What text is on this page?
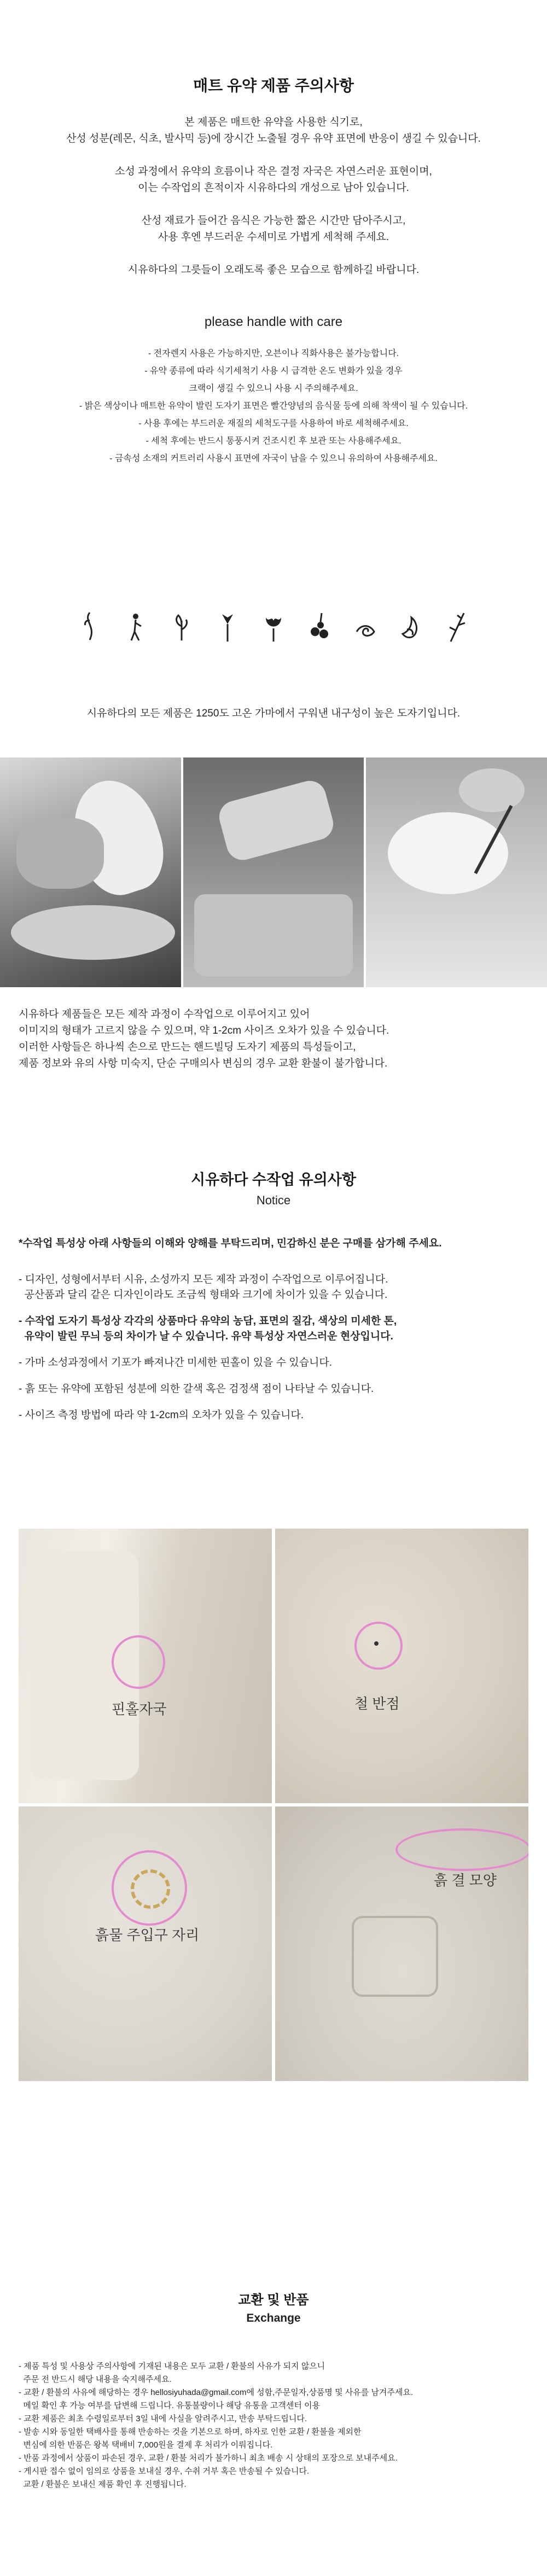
매트 유약 제품 주의사항

본 제품은 매트한 유약을 사용한 식기로,

산성 성분(레몬, 식초, 발사믹 등)에 장시간 노출될 경우 유약 표면에 반응이 생길 수 있습니다.

소성 과정에서 유약의 흐름이나 작은 결정 자국은 자연스러운 표현이며,

이는 수작업의 흔적이자 시유하다의 개성으로 남아 있습니다.

산성 재료가 들어간 음식은 가능한 짧은 시간만 담아주시고,

사용 후엔 부드러운 수세미로 가볍게 세척해 주세요.

시유하다의 그릇들이 오래도록 좋은 모습으로 함께하길 바랍니다.

please handle with care
- 전자렌지 사용은 가능하지만, 오븐이나 직화사용은 불가능합니다.
- 유약 종류에 따라 식기세척기 사용 시 급격한 온도 변화가 있을 경우
크랙이 생길 수 있으니 사용 시 주의해주세요.
- 밝은 색상이나 매트한 유약이 발린 도자기 표면은 빨간양념의 음식물 등에 의해 착색이 될 수 있습니다.
- 사용 후에는 부드러운 재질의 세척도구를 사용하여 바로 세척해주세요.
- 세척 후에는 반드시 통풍시켜 건조시킨 후 보관 또는 사용해주세요.
- 금속성 소재의 커트러리 사용시 표면에 자국이 남을 수 있으니 유의하여 사용해주세요.

시유하다의 모든 제품은 1250도 고온 가마에서 구워낸 내구성이 높은 도자기입니다.

시유하다 제품들은 모든 제작 과정이 수작업으로 이루어지고 있어

이미지의 형태가 고르지 않을 수 있으며, 약 1-2cm 사이즈 오차가 있을 수 있습니다.

이러한 사항들은 하나씩 손으로 만드는 핸드빌딩 도자기 제품의 특성들이고,

제품 정보와 유의 사항 미숙지, 단순 구매의사 변심의 경우 교환 환불이 불가합니다.

시유하다 수작업 유의사항
Notice

*수작업 특성상 아래 사항들의 이해와 양해를 부탁드리며, 민감하신 분은 구매를 삼가해 주세요.

- 디자인, 성형에서부터 시유, 소성까지 모든 제작 과정이 수작업으로 이루어집니다.

공산품과 달리 같은 디자인이라도 조금씩 형태와 크기에 차이가 있을 수 있습니다.

- 수작업 도자기 특성상 각각의 상품마다 유약의 농담, 표면의 질감, 색상의 미세한 톤,

유약이 발린 무늬 등의 차이가 날 수 있습니다. 유약 특성상 자연스러운 현상입니다.

- 가마 소성과정에서 기포가 빠져나간 미세한 핀홀이 있을 수 있습니다.

- 흙 또는 유약에 포함된 성분에 의한 갈색 혹은 검정색 점이 나타날 수 있습니다.

- 사이즈 측정 방법에 따라 약 1-2cm의 오차가 있을 수 있습니다.

핀홀자국	철 반점
흙물 주입구 자리
흙 결 모양
교환 및 반품
Exchange

- 제품 특성 및 사용상 주의사항에 기재된 내용은 모두 교환 / 환불의 사유가 되지 않으니

주문 전 반드시 해당 내용을 숙지해주세요.

- 교환 / 환불의 사유에 해당하는 경우 hellosiyuhada@gmail.com에 성함,주문일자,상품명 및 사유를 남겨주세요.

메일 확인 후 가능 여부를 답변해 드립니다. 유통불량이나 해당 유통을 고객센터 이용

- 교환 제품은 최초 수령일로부터 3일 내에 사실을 알려주시고, 반송 부탁드립니다.

- 발송 시와 동일한 택배사를 통해 반송하는 것을 기본으로 하며, 하자로 인한 교환 / 환불을 제외한

변심에 의한 반품은 왕복 택배비 7,000원을 결제 후 처리가 이뤄집니다.

- 반품 과정에서 상품이 파손된 경우, 교환 / 환불 처리가 불가하니 최초 배송 시 상태의 포장으로 보내주세요.

- 게시판 접수 없이 임의로 상품을 보내실 경우, 수취 거부 혹은 반송될 수 있습니다.

교환 / 환불은 보내신 제품 확인 후 진행됩니다.
